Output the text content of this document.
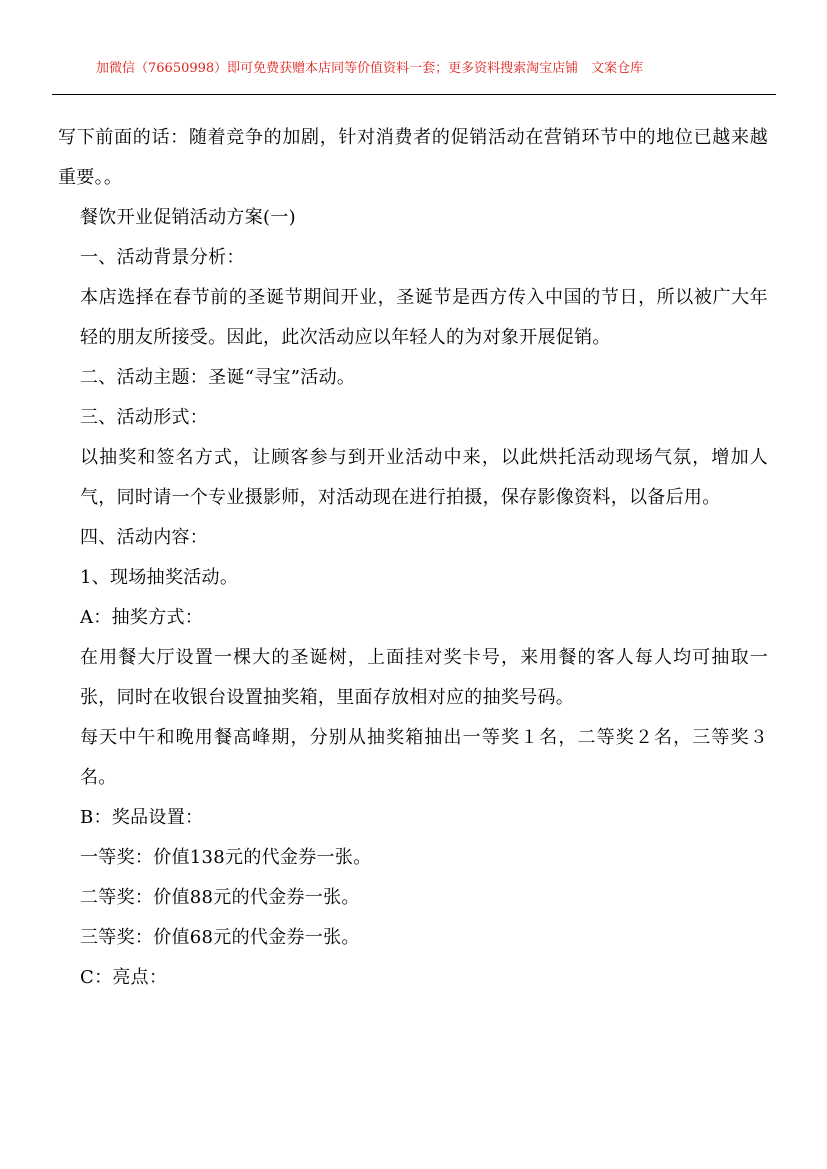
加微信（76650998）即可免费获赠本店同等价值资料一套；更多资料搜索淘宝店铺　文案仓库

写下前面的话：随着竞争的加剧，针对消费者的促销活动在营销环节中的地位已越来越重要。。

餐饮开业促销活动方案(一)

一、活动背景分析：

本店选择在春节前的圣诞节期间开业，圣诞节是西方传入中国的节日，所以被广大年轻的朋友所接受。因此，此次活动应以年轻人的为对象开展促销。

二、活动主题：圣诞“寻宝”活动。

三、活动形式：

以抽奖和签名方式，让顾客参与到开业活动中来，以此烘托活动现场气氛，增加人气，同时请一个专业摄影师，对活动现在进行拍摄，保存影像资料，以备后用。

四、活动内容：

1、现场抽奖活动。

A：抽奖方式：

在用餐大厅设置一棵大的圣诞树，上面挂对奖卡号，来用餐的客人每人均可抽取一张，同时在收银台设置抽奖箱，里面存放相对应的抽奖号码。

每天中午和晚用餐高峰期，分别从抽奖箱抽出一等奖１名，二等奖２名，三等奖３名。

B：奖品设置：

一等奖：价值138元的代金券一张。

二等奖：价值88元的代金券一张。

三等奖：价值68元的代金券一张。

C：亮点：
